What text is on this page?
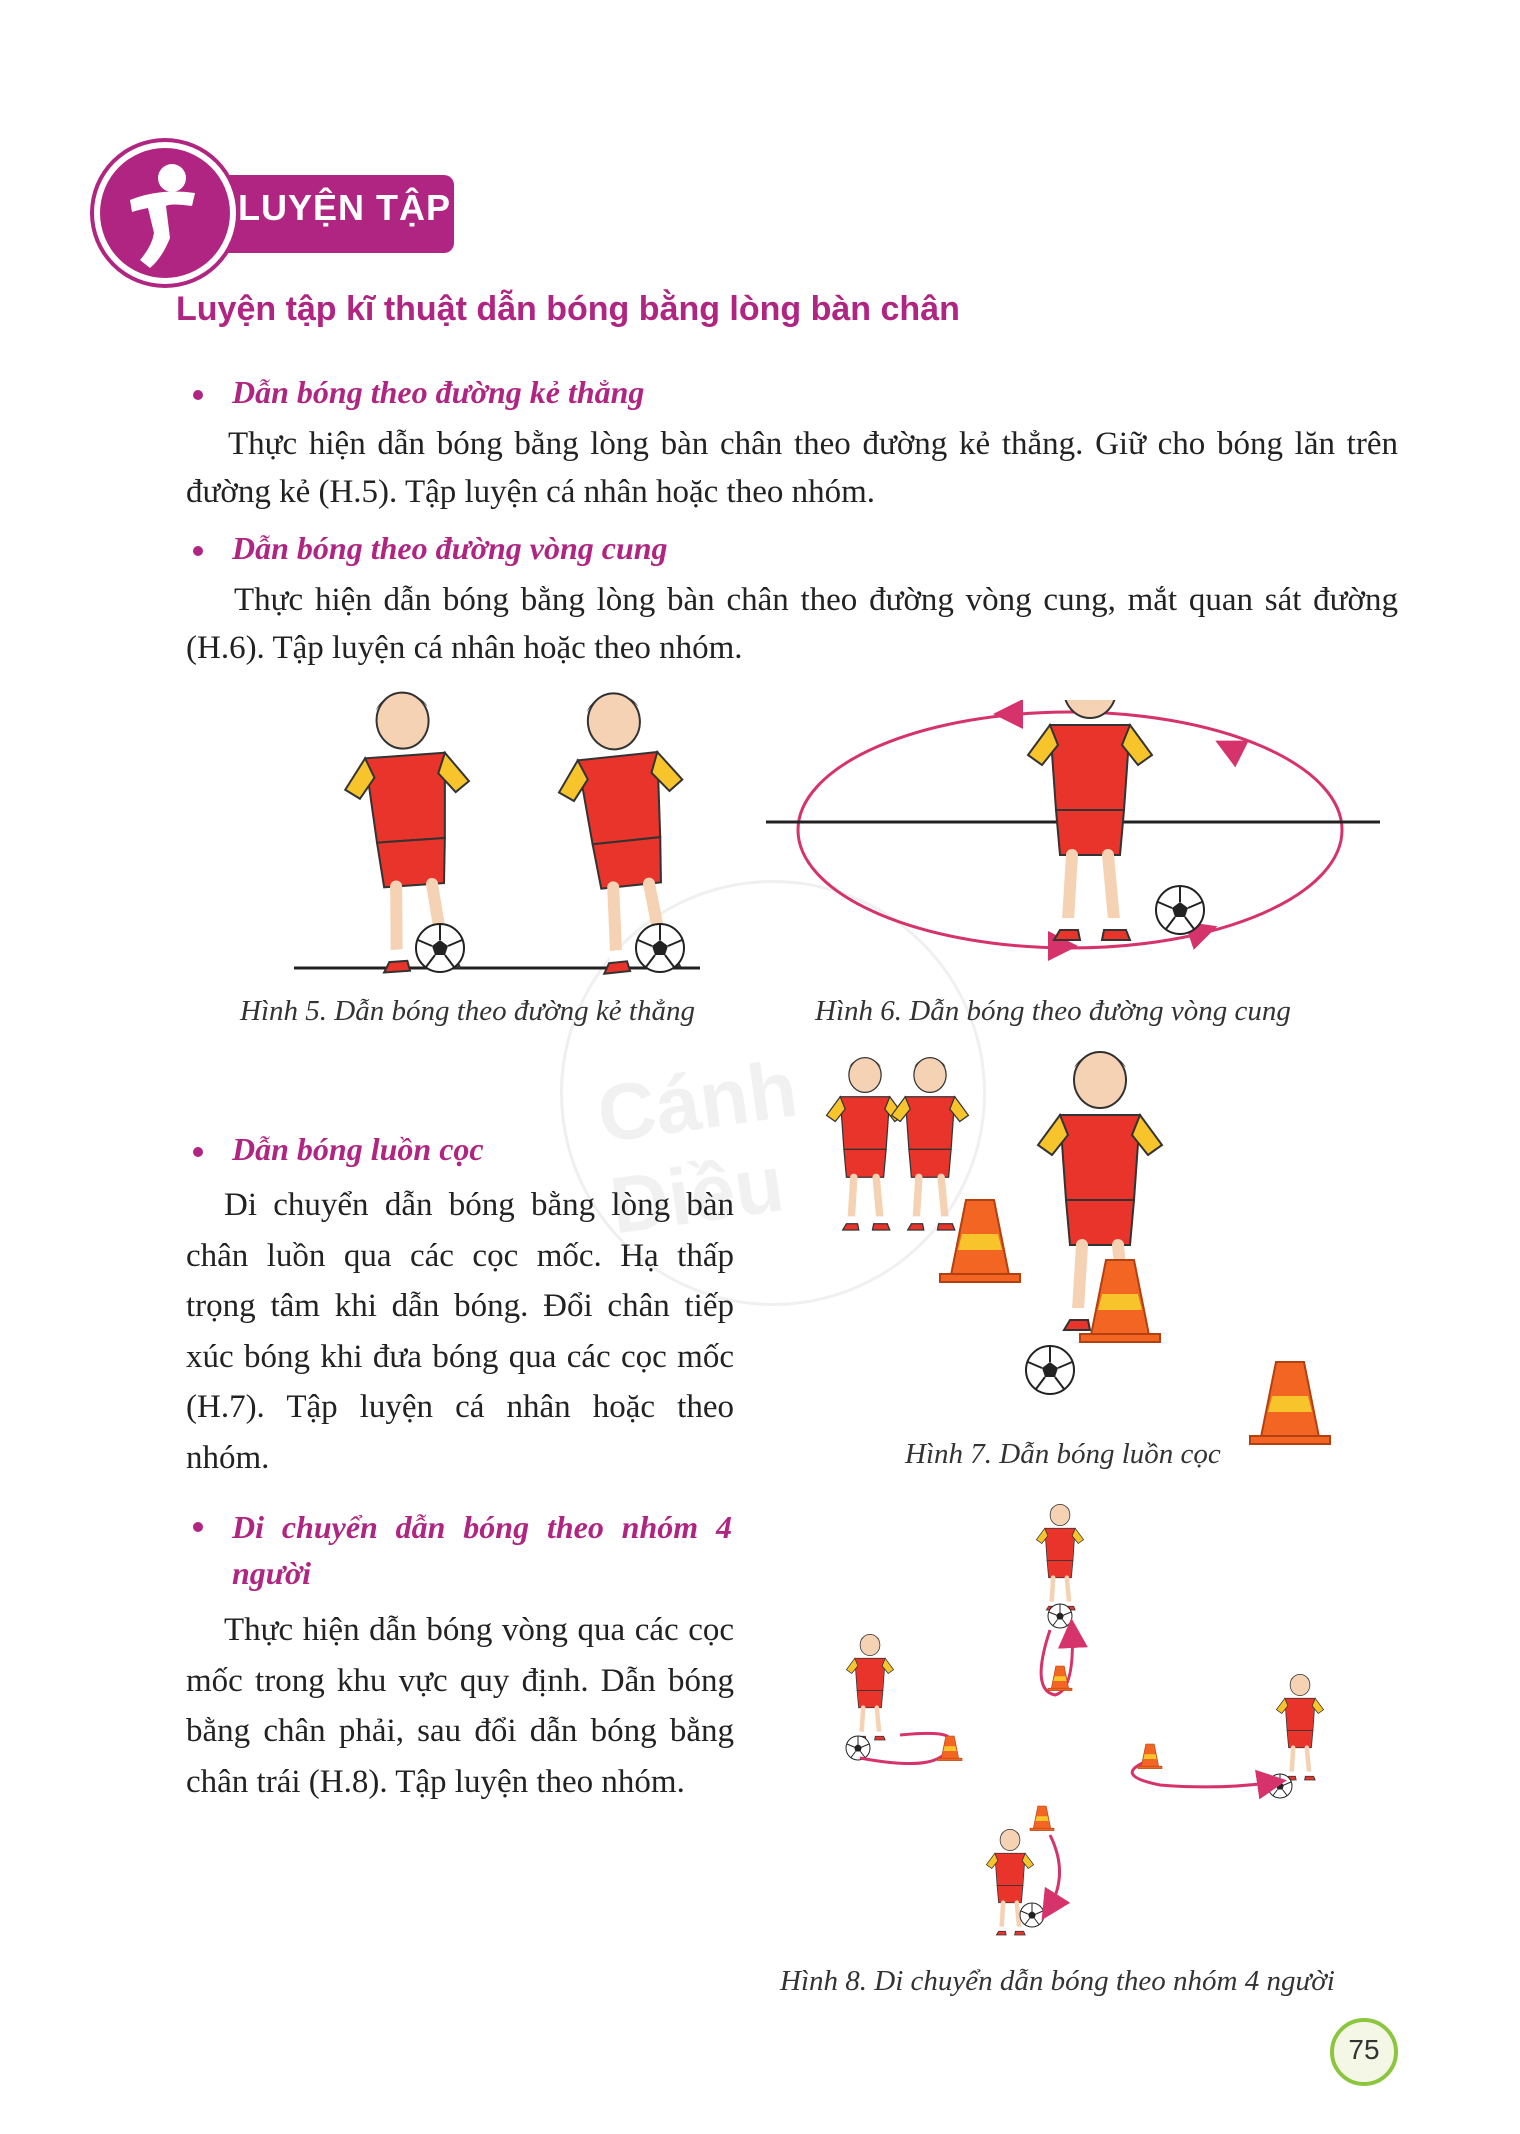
Cánh Diều
LUYỆN TẬP
Luyện tập kĩ thuật dẫn bóng bằng lòng bàn chân
Dẫn bóng theo đường kẻ thẳng
Thực hiện dẫn bóng bằng lòng bàn chân theo đường kẻ thẳng. Giữ cho bóng lăn trên đường kẻ (H.5). Tập luyện cá nhân hoặc theo nhóm.
Dẫn bóng theo đường vòng cung
Thực hiện dẫn bóng bằng lòng bàn chân theo đường vòng cung, mắt quan sát đường (H.6). Tập luyện cá nhân hoặc theo nhóm.
Hình 5. Dẫn bóng theo đường kẻ thẳng	Hình 6. Dẫn bóng theo đường vòng cung
Dẫn bóng luồn cọc
Di chuyển dẫn bóng bằng lòng bàn chân luồn qua các cọc mốc. Hạ thấp trọng tâm khi dẫn bóng. Đổi chân tiếp xúc bóng khi đưa bóng qua các cọc mốc (H.7). Tập luyện cá nhân hoặc theo nhóm.	Hình 7. Dẫn bóng luồn cọc
Di chuyển dẫn bóng theo nhóm 4 người
Thực hiện dẫn bóng vòng qua các cọc mốc trong khu vực quy định. Dẫn bóng bằng chân phải, sau đổi dẫn bóng bằng chân trái (H.8). Tập luyện theo nhóm.
Hình 8. Di chuyển dẫn bóng theo nhóm 4 người
75
